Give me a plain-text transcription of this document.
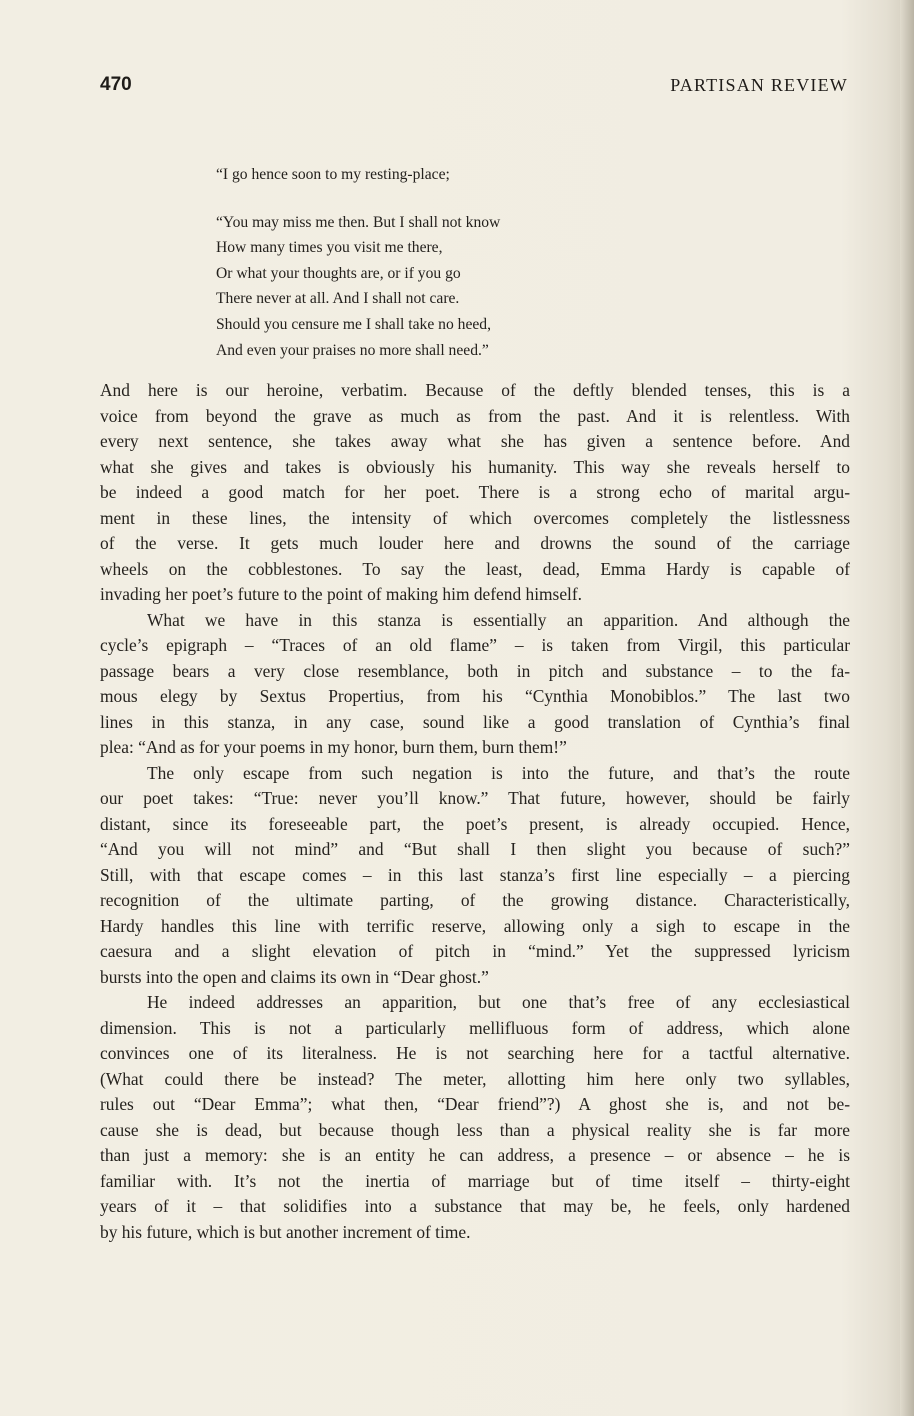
470	PARTISAN REVIEW
“I go hence soon to my resting-place;
“You may miss me then. But I shall not know
How many times you visit me there,
Or what your thoughts are, or if you go
There never at all. And I shall not care.
Should you censure me I shall take no heed,
And even your praises no more shall need.”
And here is our heroine, verbatim. Because of the deftly blended tenses, this is a
voice from beyond the grave as much as from the past. And it is relentless. With
every next sentence, she takes away what she has given a sentence before. And
what she gives and takes is obviously his humanity. This way she reveals herself to
be indeed a good match for her poet. There is a strong echo of marital argu-
ment in these lines, the intensity of which overcomes completely the listlessness
of the verse. It gets much louder here and drowns the sound of the carriage
wheels on the cobblestones. To say the least, dead, Emma Hardy is capable of
invading her poet’s future to the point of making him defend himself.
What we have in this stanza is essentially an apparition. And although the
cycle’s epigraph – “Traces of an old flame” – is taken from Virgil, this particular
passage bears a very close resemblance, both in pitch and substance – to the fa-
mous elegy by Sextus Propertius, from his “Cynthia Monobiblos.” The last two
lines in this stanza, in any case, sound like a good translation of Cynthia’s final
plea: “And as for your poems in my honor, burn them, burn them!”
The only escape from such negation is into the future, and that’s the route
our poet takes: “True: never you’ll know.” That future, however, should be fairly
distant, since its foreseeable part, the poet’s present, is already occupied. Hence,
“And you will not mind” and “But shall I then slight you because of such?”
Still, with that escape comes – in this last stanza’s first line especially – a piercing
recognition of the ultimate parting, of the growing distance. Characteristically,
Hardy handles this line with terrific reserve, allowing only a sigh to escape in the
caesura and a slight elevation of pitch in “mind.” Yet the suppressed lyricism
bursts into the open and claims its own in “Dear ghost.”
He indeed addresses an apparition, but one that’s free of any ecclesiastical
dimension. This is not a particularly mellifluous form of address, which alone
convinces one of its literalness. He is not searching here for a tactful alternative.
(What could there be instead? The meter, allotting him here only two syllables,
rules out “Dear Emma”; what then, “Dear friend”?) A ghost she is, and not be-
cause she is dead, but because though less than a physical reality she is far more
than just a memory: she is an entity he can address, a presence – or absence – he is
familiar with. It’s not the inertia of marriage but of time itself – thirty-eight
years of it – that solidifies into a substance that may be, he feels, only hardened
by his future, which is but another increment of time.
